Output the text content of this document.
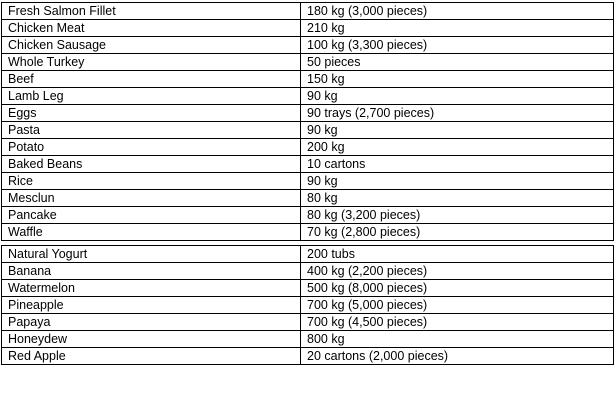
Fresh Salmon Fillet	180 kg (3,000 pieces)
Chicken Meat	210 kg
Chicken Sausage	100 kg (3,300 pieces)
Whole Turkey	50 pieces
Beef	150 kg
Lamb Leg	90 kg
Eggs	90 trays (2,700 pieces)
Pasta	90 kg
Potato	200 kg
Baked Beans	10 cartons
Rice	90 kg
Mesclun	80 kg
Pancake	80 kg (3,200 pieces)
Waffle	70 kg (2,800 pieces)
Natural Yogurt	200 tubs
Banana	400 kg (2,200 pieces)
Watermelon	500 kg (8,000 pieces)
Pineapple	700 kg (5,000 pieces)
Papaya	700 kg (4,500 pieces)
Honeydew	800 kg
Red Apple	20 cartons (2,000 pieces)
